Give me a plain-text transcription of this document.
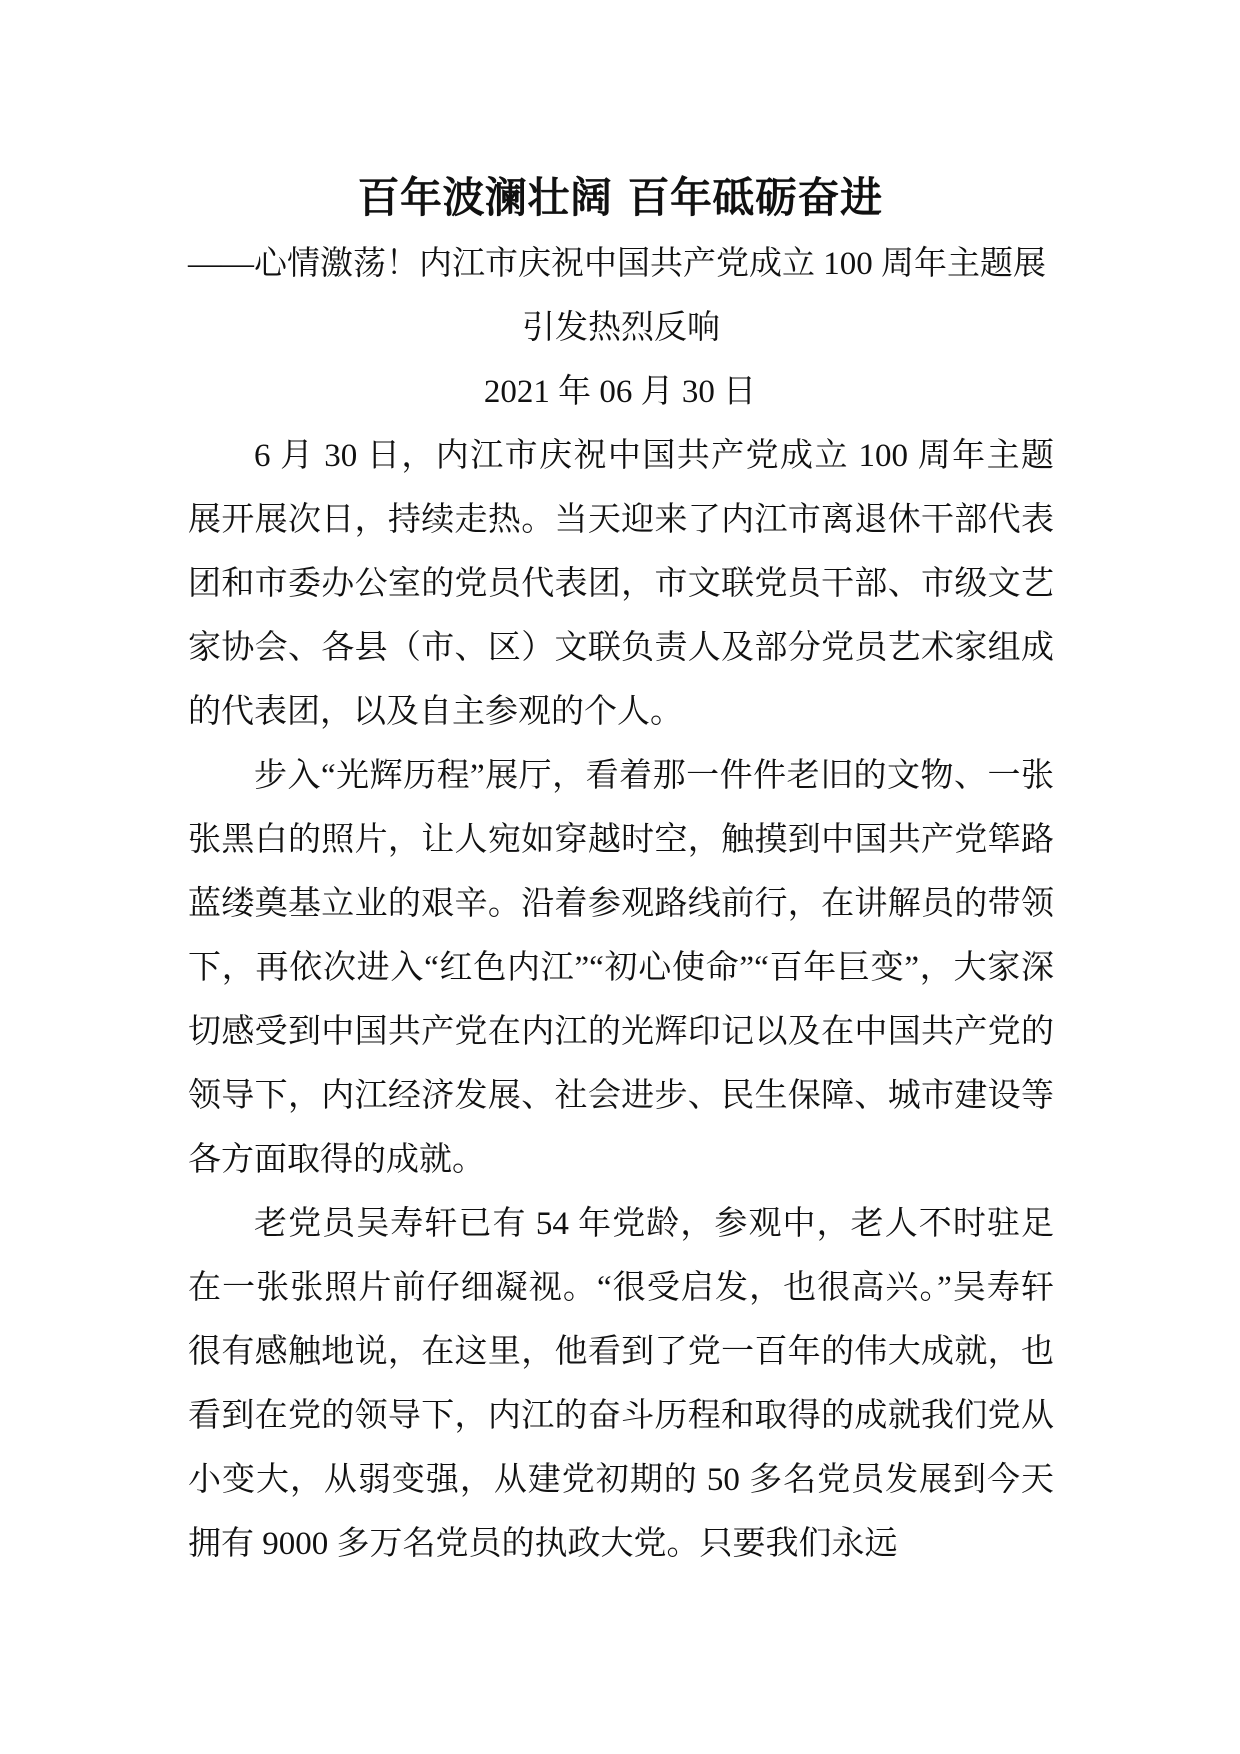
百年波澜壮阔 百年砥砺奋进
——心情激荡！内江市庆祝中国共产党成立 100 周年主题展
引发热烈反响
2021 年 06 月 30 日

6 月 30 日，内江市庆祝中国共产党成立 100 周年主题展开展次日，持续走热。当天迎来了内江市离退休干部代表团和市委办公室的党员代表团，市文联党员干部、市级文艺家协会、各县（市、区）文联负责人及部分党员艺术家组成的代表团，以及自主参观的个人。

步入“光辉历程”展厅，看着那一件件老旧的文物、一张张黑白的照片，让人宛如穿越时空，触摸到中国共产党筚路蓝缕奠基立业的艰辛。沿着参观路线前行，在讲解员的带领下，再依次进入“红色内江”“初心使命”“百年巨变”，大家深切感受到中国共产党在内江的光辉印记以及在中国共产党的领导下，内江经济发展、社会进步、民生保障、城市建设等各方面取得的成就。

老党员吴寿轩已有 54 年党龄，参观中，老人不时驻足在一张张照片前仔细凝视。“很受启发，也很高兴。”吴寿轩很有感触地说，在这里，他看到了党一百年的伟大成就，也看到在党的领导下，内江的奋斗历程和取得的成就我们党从小变大，从弱变强，从建党初期的 50 多名党员发展到今天拥有 9000 多万名党员的执政大党。只要我们永远
